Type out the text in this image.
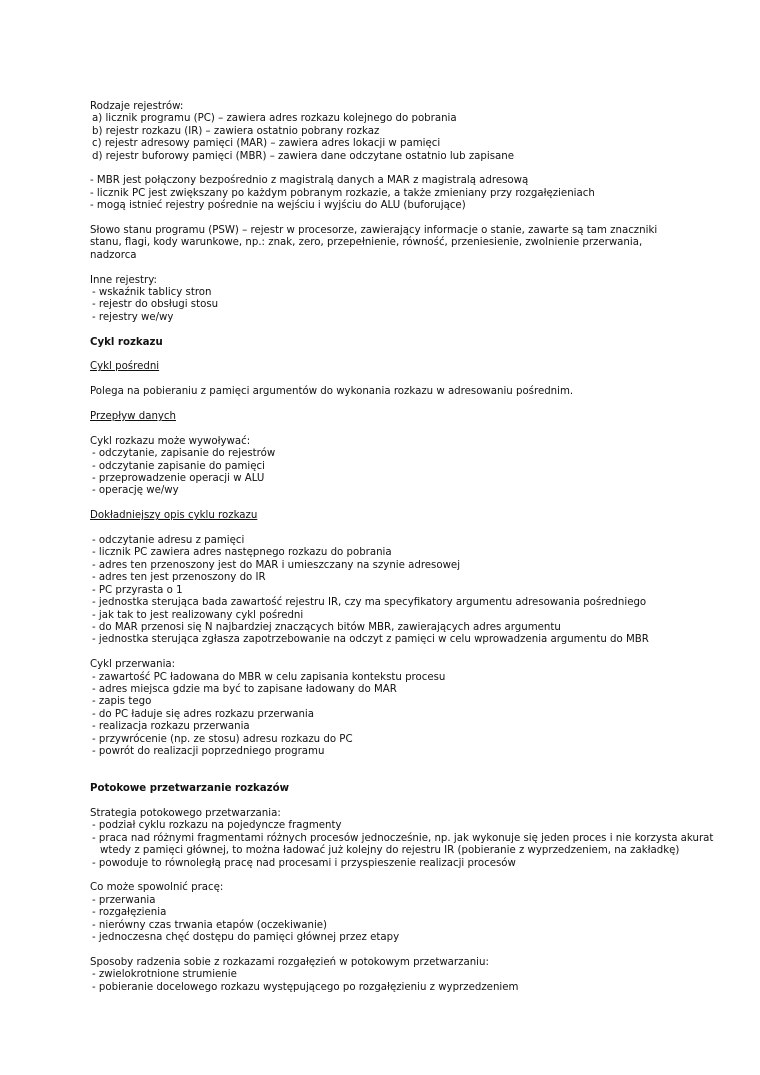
Rodzaje rejestrów:
a) licznik programu (PC) – zawiera adres rozkazu kolejnego do pobrania
b) rejestr rozkazu (IR) – zawiera ostatnio pobrany rozkaz
c) rejestr adresowy pamięci (MAR) – zawiera adres lokacji w pamięci
d) rejestr buforowy pamięci (MBR) – zawiera dane odczytane ostatnio lub zapisane
- MBR jest połączony bezpośrednio z magistralą danych a MAR z magistralą adresową
- licznik PC jest zwiększany po każdym pobranym rozkazie, a także zmieniany przy rozgałęzieniach
- mogą istnieć rejestry pośrednie na wejściu i wyjściu do ALU (buforujące)
Słowo stanu programu (PSW) – rejestr w procesorze, zawierający informacje o stanie, zawarte są tam znaczniki stanu, flagi, kody warunkowe, np.: znak, zero, przepełnienie, równość, przeniesienie, zwolnienie przerwania, nadzorca
Inne rejestry:
- wskaźnik tablicy stron
- rejestr do obsługi stosu
- rejestry we/wy
Cykl rozkazu
Cykl pośredni
Polega na pobieraniu z pamięci argumentów do wykonania rozkazu w adresowaniu pośrednim.
Przepływ danych
Cykl rozkazu może wywoływać:
- odczytanie, zapisanie do rejestrów
- odczytanie zapisanie do pamięci
- przeprowadzenie operacji w ALU
- operację we/wy
Dokładniejszy opis cyklu rozkazu
- odczytanie adresu z pamięci
- licznik PC zawiera adres następnego rozkazu do pobrania
- adres ten przenoszony jest do MAR i umieszczany na szynie adresowej
- adres ten jest przenoszony do IR
- PC przyrasta o 1
- jednostka sterująca bada zawartość rejestru IR, czy ma specyfikatory argumentu adresowania pośredniego
- jak tak to jest realizowany cykl pośredni
- do MAR przenosi się N najbardziej znaczących bitów MBR, zawierających adres argumentu
- jednostka sterująca zgłasza zapotrzebowanie na odczyt z pamięci w celu wprowadzenia argumentu do MBR
Cykl przerwania:
- zawartość PC ładowana do MBR w celu zapisania kontekstu procesu
- adres miejsca gdzie ma być to zapisane ładowany do MAR
- zapis tego
- do PC ładuje się adres rozkazu przerwania
- realizacja rozkazu przerwania
- przywrócenie (np. ze stosu) adresu rozkazu do PC
- powrót do realizacji poprzedniego programu
Potokowe przetwarzanie rozkazów
Strategia potokowego przetwarzania:
- podział cyklu rozkazu na pojedyncze fragmenty
- praca nad różnymi fragmentami różnych procesów jednocześnie, np. jak wykonuje się jeden proces i nie korzysta akurat
wtedy z pamięci głównej, to można ładować już kolejny do rejestru IR (pobieranie z wyprzedzeniem, na zakładkę)
- powoduje to równoległą pracę nad procesami i przyspieszenie realizacji procesów
Co może spowolnić pracę:
- przerwania
- rozgałęzienia
- nierówny czas trwania etapów (oczekiwanie)
- jednoczesna chęć dostępu do pamięci głównej przez etapy
Sposoby radzenia sobie z rozkazami rozgałęzień w potokowym przetwarzaniu:
- zwielokrotnione strumienie
- pobieranie docelowego rozkazu występującego po rozgałęzieniu z wyprzedzeniem
